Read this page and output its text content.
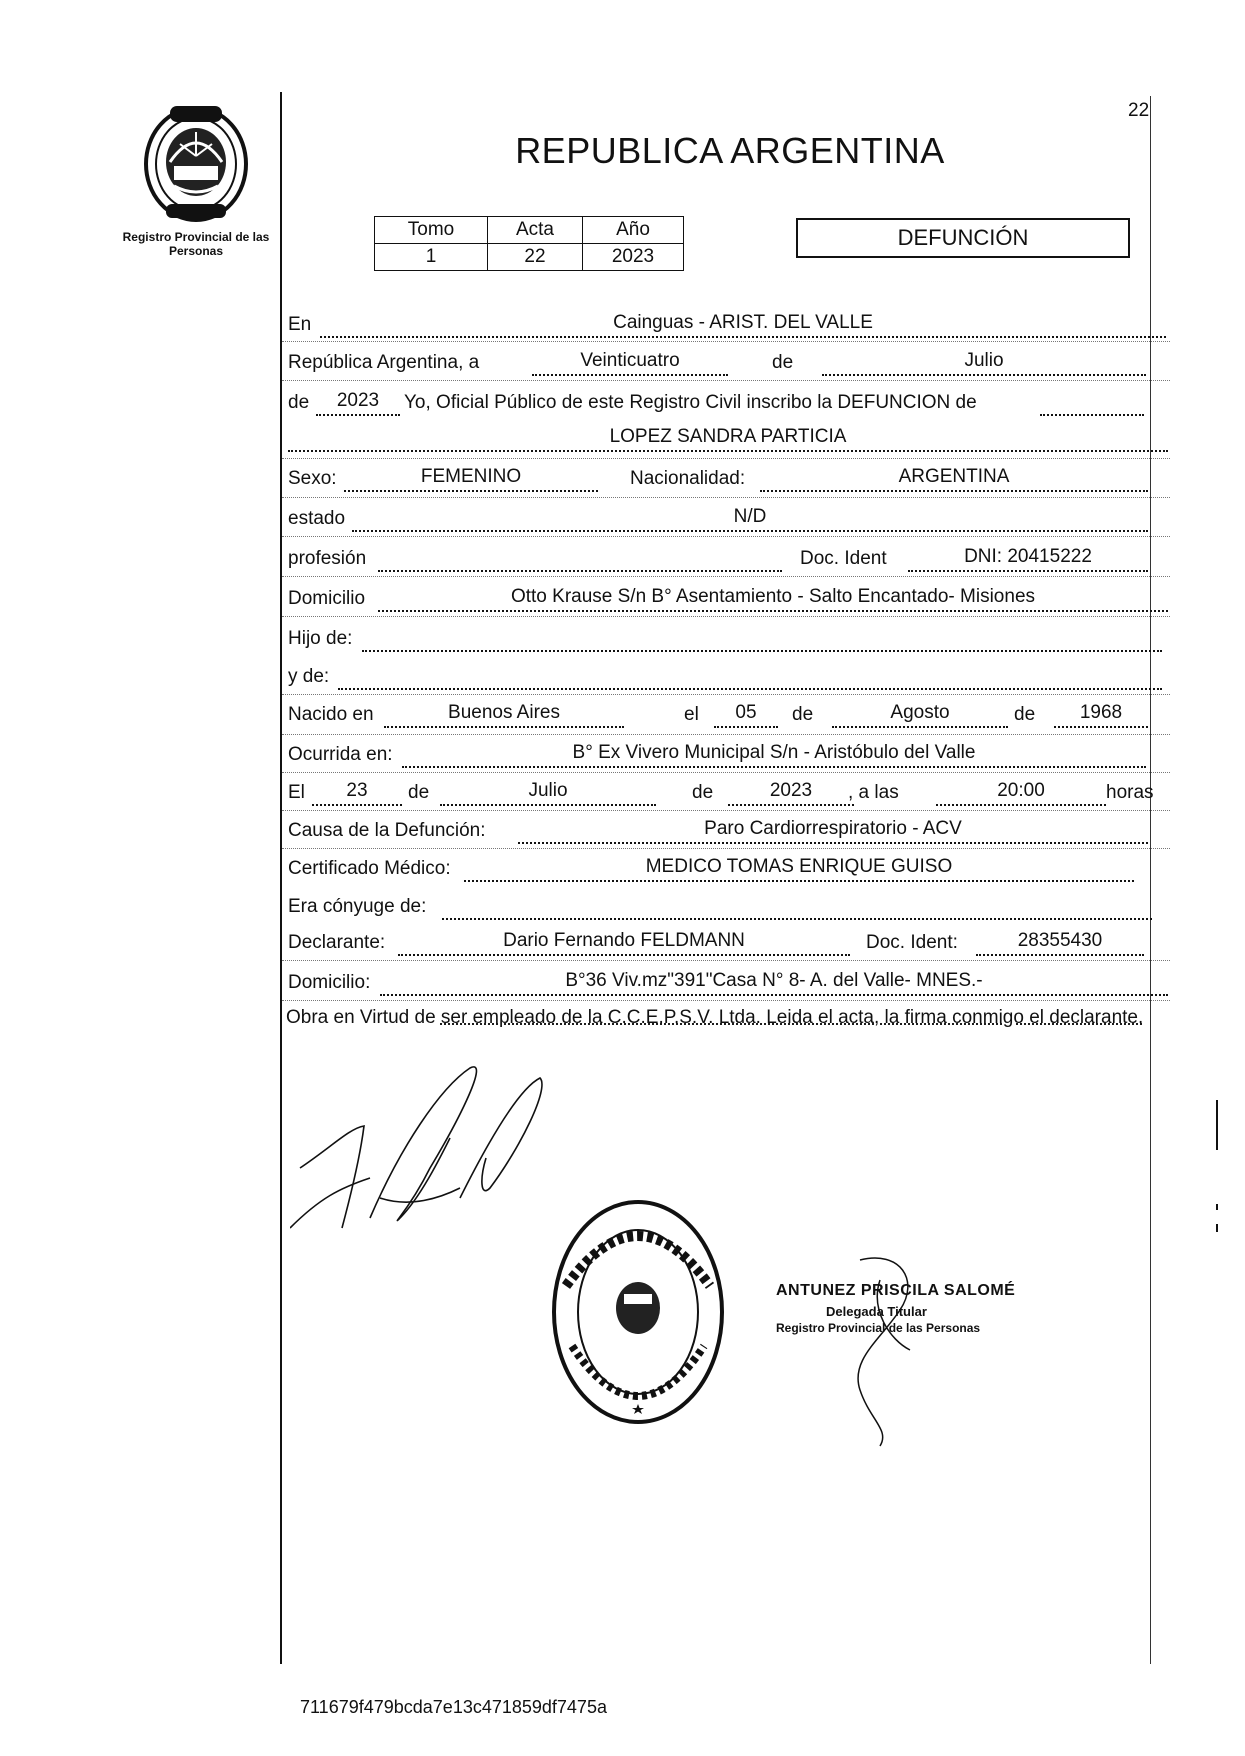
22
Registro Provincial de las Personas
REPUBLICA ARGENTINA
Tomo	Acta	Año
1	22	2023
DEFUNCIÓN
En	Cainguas - ARIST. DEL VALLE
República Argentina, a	Veinticuatro	de	Julio
de	2023	Yo, Oficial Público de este Registro Civil inscribo la DEFUNCION de
LOPEZ SANDRA PARTICIA
Sexo:	FEMENINO	Nacionalidad:	ARGENTINA
estado	N/D
profesión	Doc. Ident	DNI: 20415222
Domicilio	Otto Krause S/n B° Asentamiento - Salto Encantado- Misiones
Hijo de:
y de:
Nacido en	Buenos Aires	el	05	de	Agosto	de	1968
Ocurrida en:	B° Ex Vivero Municipal S/n - Aristóbulo del Valle
El	23	de	Julio	de	2023	, a las	20:00	horas
Causa de la Defunción:	Paro Cardiorrespiratorio - ACV
Certificado Médico:	MEDICO TOMAS ENRIQUE GUISO
Era cónyuge de:
Declarante:	Dario Fernando FELDMANN	Doc. Ident:	28355430
Domicilio:	B°36 Viv.mz"391"Casa N° 8- A. del Valle- MNES.-
Obra en Virtud de ser empleado de la C.C.E.P.S.V. Ltda. Leida el acta, la firma conmigo el declarante.
ANTUNEZ PRISCILA SALOMÉ
Delegada Titular
Registro Provincial de las Personas
711679f479bcda7e13c471859df7475a
